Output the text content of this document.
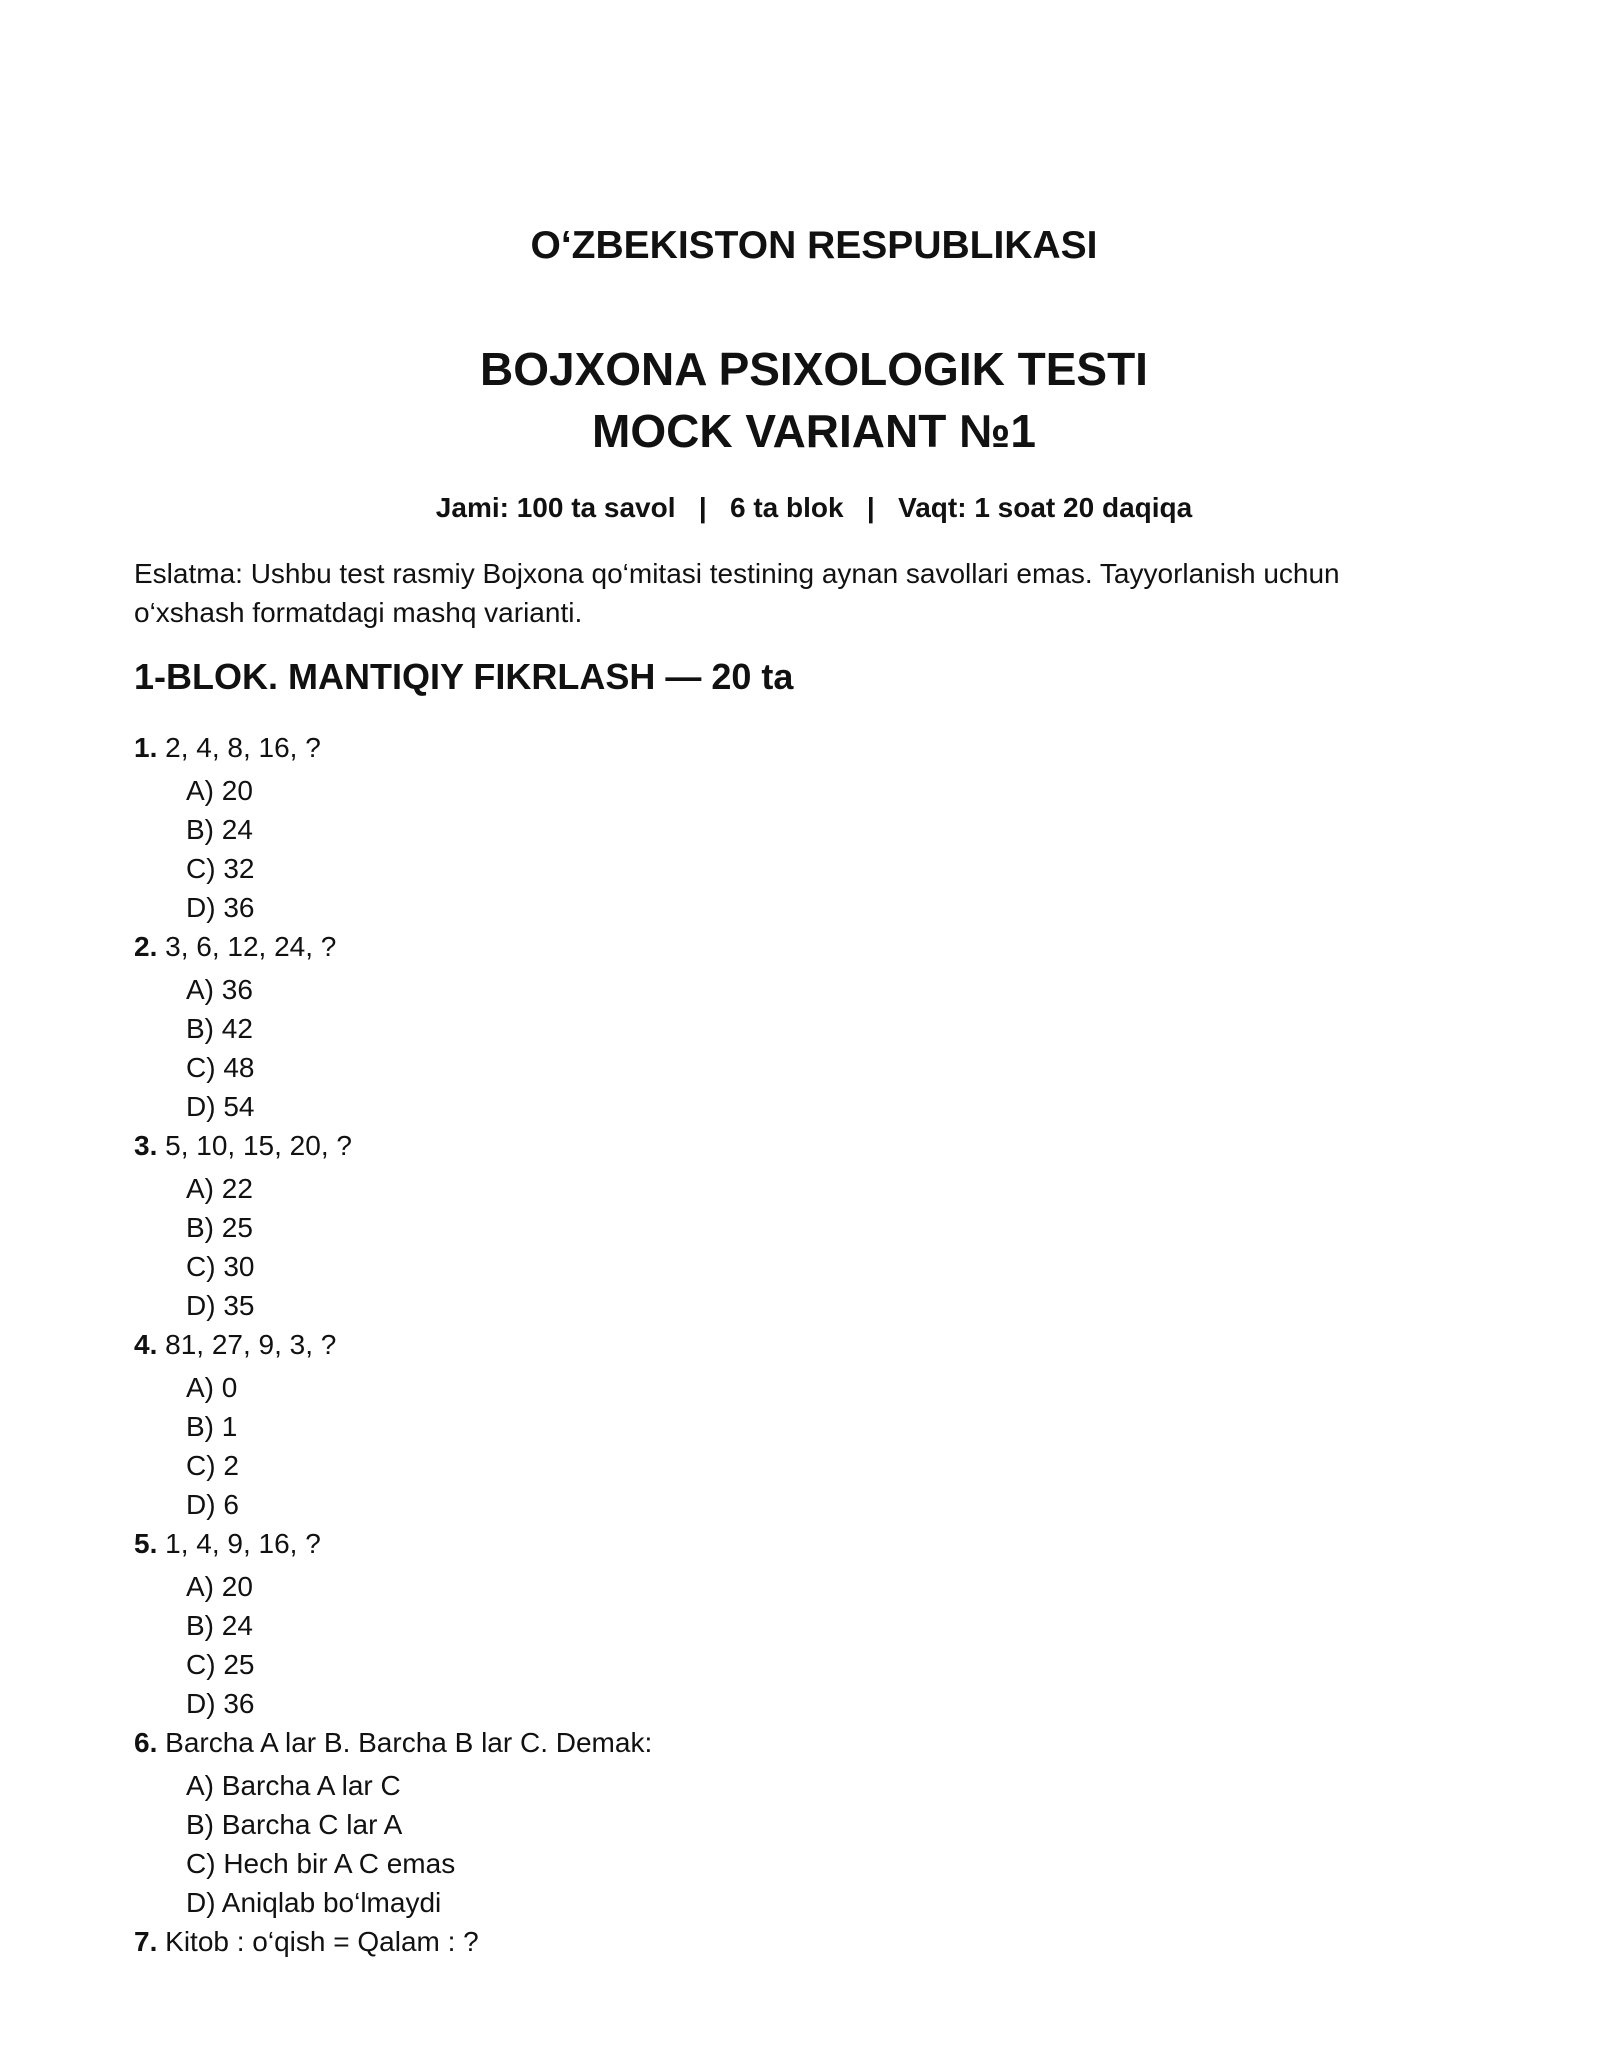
O‘ZBEKISTON RESPUBLIKASI
BOJXONA PSIXOLOGIK TESTI
MOCK VARIANT №1
Jami: 100 ta savol   |   6 ta blok   |   Vaqt: 1 soat 20 daqiqa
Eslatma: Ushbu test rasmiy Bojxona qo‘mitasi testining aynan savollari emas. Tayyorlanish uchun o‘xshash formatdagi mashq varianti.
1-BLOK. MANTIQIY FIKRLASH — 20 ta
1. 2, 4, 8, 16, ?
A) 20
B) 24
C) 32
D) 36
2. 3, 6, 12, 24, ?
A) 36
B) 42
C) 48
D) 54
3. 5, 10, 15, 20, ?
A) 22
B) 25
C) 30
D) 35
4. 81, 27, 9, 3, ?
A) 0
B) 1
C) 2
D) 6
5. 1, 4, 9, 16, ?
A) 20
B) 24
C) 25
D) 36
6. Barcha A lar B. Barcha B lar C. Demak:
A) Barcha A lar C
B) Barcha C lar A
C) Hech bir A C emas
D) Aniqlab bo‘lmaydi
7. Kitob : o‘qish = Qalam : ?
